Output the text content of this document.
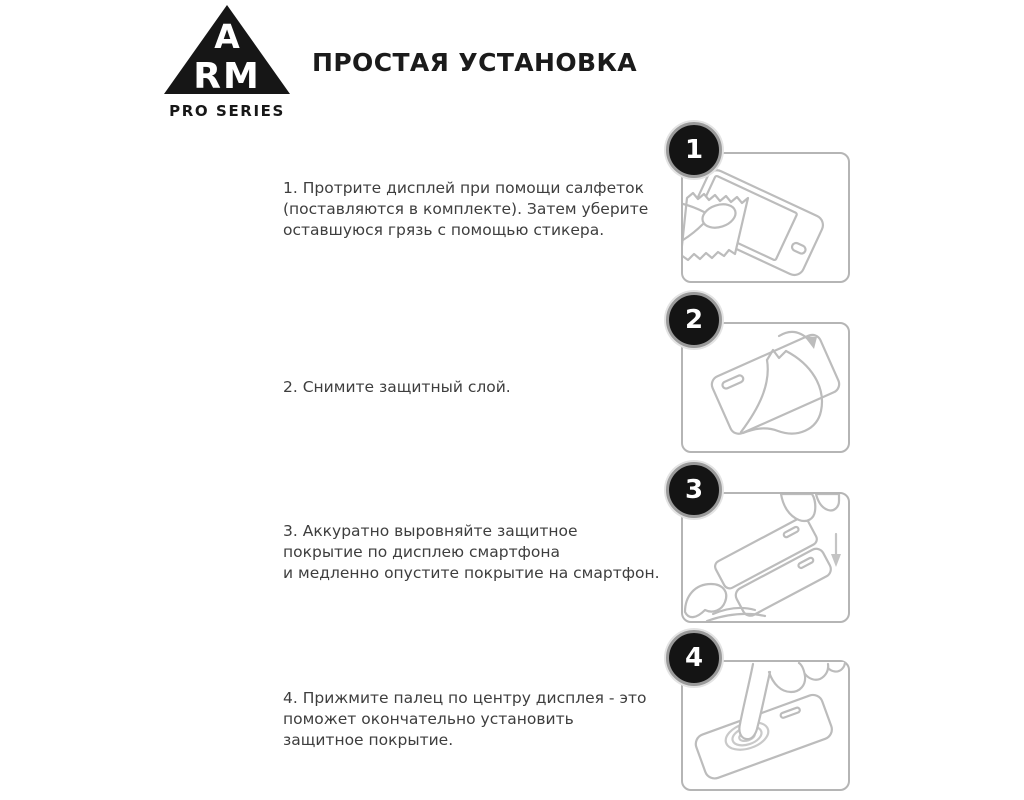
A
RM
PRO SERIES
ПРОСТАЯ УСТАНОВКА
1. Протрите дисплей при помощи салфеток
(поставляются в комплекте). Затем уберите
оставшуюся грязь с помощью стикера.
2. Снимите защитный слой.
3. Аккуратно выровняйте защитное
покрытие по дисплею смартфона
и медленно опустите покрытие на смартфон.
4. Прижмите палец по центру дисплея - это
поможет окончательно установить
защитное покрытие.
1
2
3
4
